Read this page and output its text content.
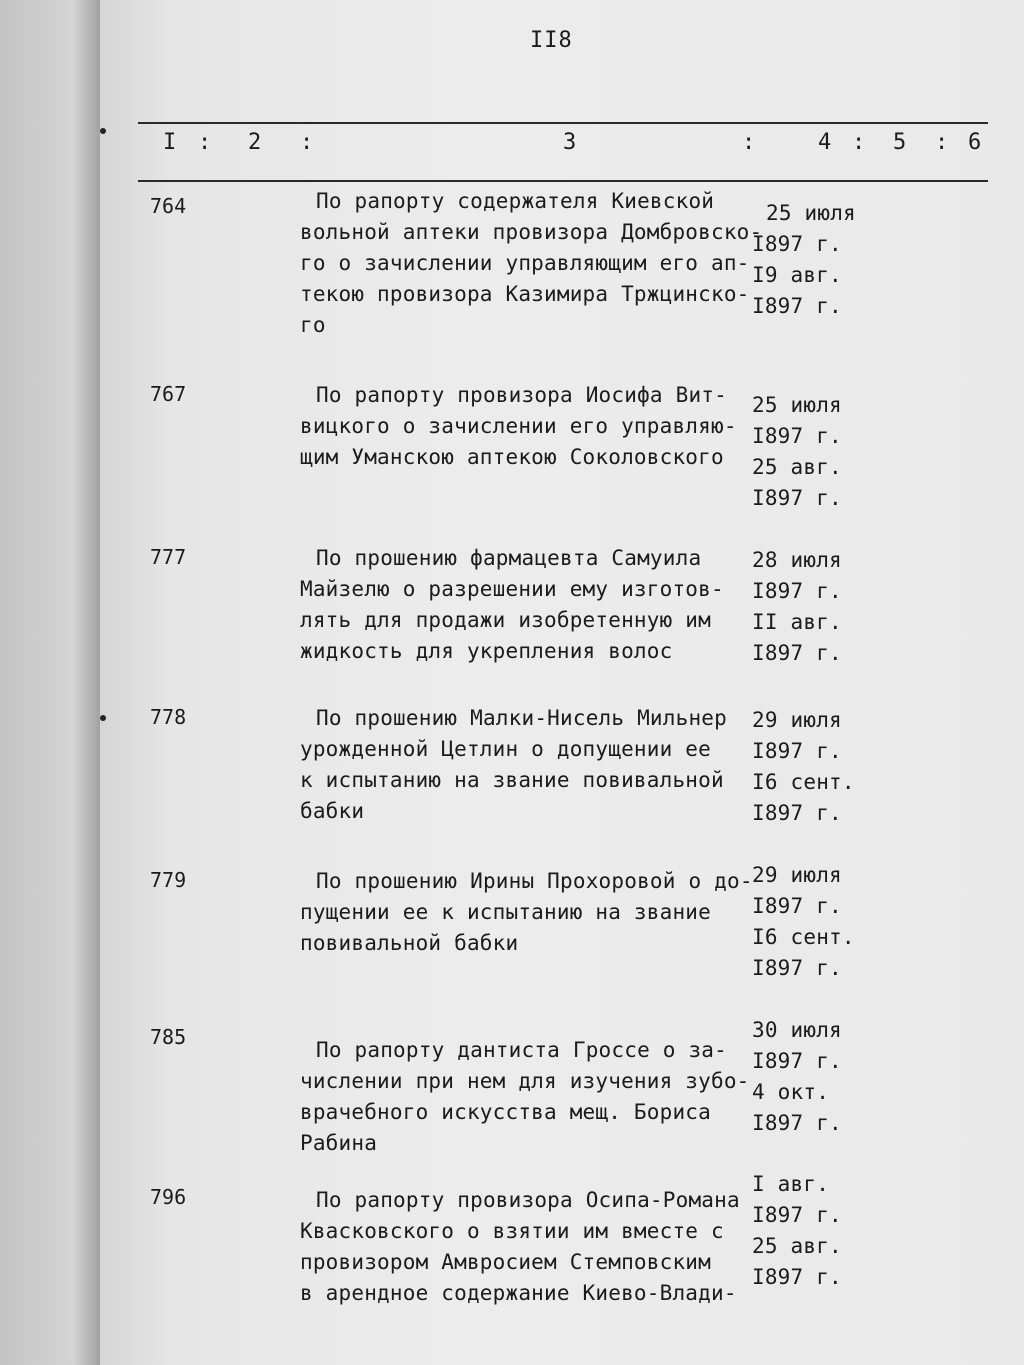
II8
I : 2 :	3	:	4 : 5 : 6
764	По рапорту содержателя Киевской
вольной аптеки провизора Домбровско-
го о зачислении управляющим его ап-
текою провизора Казимира Тржцинско-
го
25 июля
I897 г.
I9 авг.
I897 г.
767	По рапорту провизора Иосифа Вит-
вицкого о зачислении его управляю-
щим Уманскою аптекою Соколовского
25 июля
I897 г.
25 авг.
I897 г.
777	По прошению фармацевта Самуила
Майзелю о разрешении ему изготов-
лять для продажи изобретенную им
жидкость для укрепления волос
28 июля
I897 г.
II авг.
I897 г.
778	По прошению Малки-Нисель Мильнер
урожденной Цетлин о допущении ее
к испытанию на звание повивальной
бабки
29 июля
I897 г.
I6 сент.
I897 г.
779	По прошению Ирины Прохоровой о до-
пущении ее к испытанию на звание
повивальной бабки
29 июля
I897 г.
I6 сент.
I897 г.
785
По рапорту дантиста Гроссе о за-
числении при нем для изучения зубо-
врачебного искусства мещ. Бориса
Рабина
30 июля
I897 г.
4 окт.
I897 г.
796	По рапорту провизора Осипа-Романа
Квасковского о взятии им вместе с
провизором Амвросием Стемповским
в арендное содержание Киево-Влади-
I авг.
I897 г.
25 авг.
I897 г.
